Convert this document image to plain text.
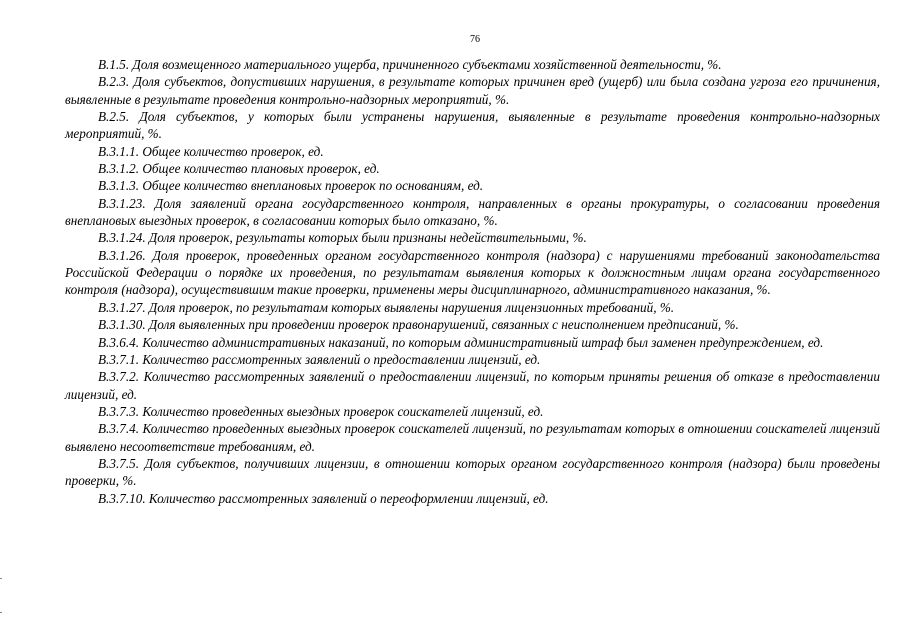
76

В.1.5. Доля возмещенного материального ущерба, причиненного субъектами хозяйственной деятельности, %.

В.2.3. Доля субъектов, допустивших нарушения, в результате которых причинен вред (ущерб) или была создана угроза его причинения, выявленные в результате проведения контрольно-надзорных мероприятий, %.

В.2.5. Доля субъектов, у которых были устранены нарушения, выявленные в результате проведения контрольно-надзорных мероприятий, %.

В.3.1.1. Общее количество проверок, ед.

В.3.1.2. Общее количество плановых проверок, ед.

В.3.1.3. Общее количество внеплановых проверок по основаниям, ед.

В.3.1.23. Доля заявлений органа государственного контроля, направленных в органы прокуратуры, о согласовании проведения внеплановых выездных проверок, в согласовании которых было отказано, %.

В.3.1.24. Доля проверок, результаты которых были признаны недействительными, %.

В.3.1.26. Доля проверок, проведенных органом государственного контроля (надзора) с нарушениями требований законодательства Российской Федерации о порядке их проведения, по результатам выявления которых к должностным лицам органа государственного контроля (надзора), осуществившим такие проверки, применены меры дисциплинарного, административного наказания, %.

В.3.1.27. Доля проверок, по результатам которых выявлены нарушения лицензионных требований, %.

В.3.1.30. Доля выявленных при проведении проверок правонарушений, связанных с неисполнением предписаний, %.

В.3.6.4. Количество административных наказаний, по которым административный штраф был заменен предупреждением, ед.

В.3.7.1. Количество рассмотренных заявлений о предоставлении лицензий, ед.

В.3.7.2. Количество рассмотренных заявлений о предоставлении лицензий, по которым приняты решения об отказе в предоставлении лицензий, ед.

В.3.7.3. Количество проведенных выездных проверок соискателей лицензий, ед.

В.3.7.4. Количество проведенных выездных проверок соискателей лицензий, по результатам которых в отношении соискателей лицензий выявлено несоответствие требованиям, ед.

В.3.7.5. Доля субъектов, получивших лицензии, в отношении которых органом государственного контроля (надзора) были проведены проверки, %.

В.3.7.10. Количество рассмотренных заявлений о переоформлении лицензий, ед.
